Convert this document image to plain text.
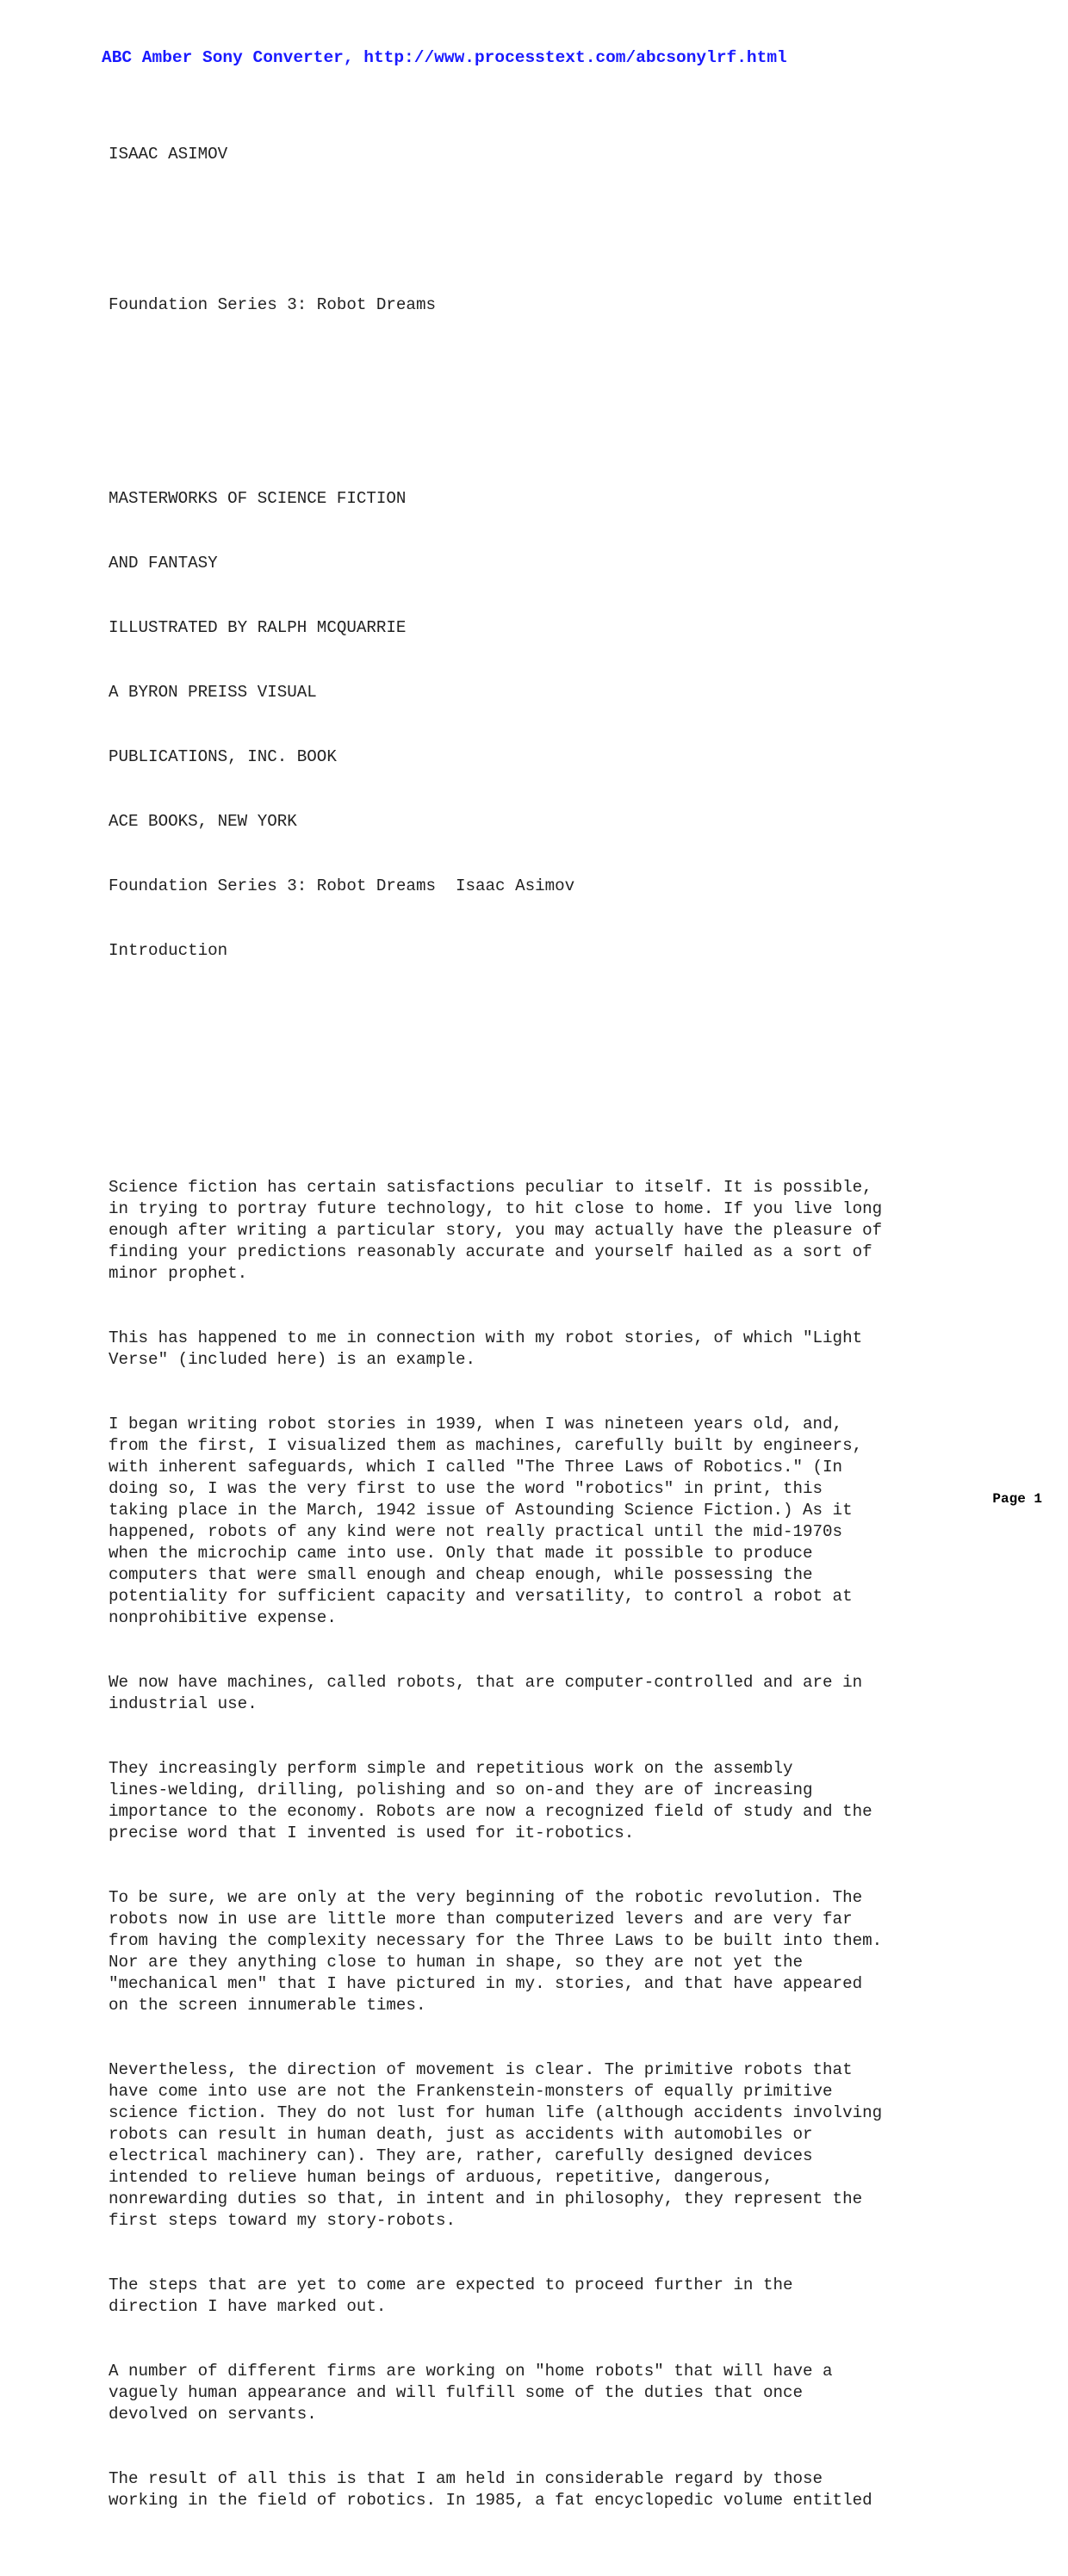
ABC Amber Sony Converter, http://www.processtext.com/abcsonylrf.html

ISAAC ASIMOV

Foundation Series 3: Robot Dreams

MASTERWORKS OF SCIENCE FICTION

AND FANTASY

ILLUSTRATED BY RALPH MCQUARRIE

A BYRON PREISS VISUAL

PUBLICATIONS, INC. BOOK

ACE BOOKS, NEW YORK

Foundation Series 3: Robot Dreams  Isaac Asimov

Introduction

Science fiction has certain satisfactions peculiar to itself. It is possible,
in trying to portray future technology, to hit close to home. If you live long
enough after writing a particular story, you may actually have the pleasure of
finding your predictions reasonably accurate and yourself hailed as a sort of
minor prophet.

This has happened to me in connection with my robot stories, of which "Light
Verse" (included here) is an example.

I began writing robot stories in 1939, when I was nineteen years old, and,
from the first, I visualized them as machines, carefully built by engineers,
with inherent safeguards, which I called "The Three Laws of Robotics." (In
doing so, I was the very first to use the word "robotics" in print, this
taking place in the March, 1942 issue of Astounding Science Fiction.) As it
happened, robots of any kind were not really practical until the mid-1970s
when the microchip came into use. Only that made it possible to produce
computers that were small enough and cheap enough, while possessing the
potentiality for sufficient capacity and versatility, to control a robot at
nonprohibitive expense.

We now have machines, called robots, that are computer-controlled and are in
industrial use.

They increasingly perform simple and repetitious work on the assembly
lines-welding, drilling, polishing and so on-and they are of increasing
importance to the economy. Robots are now a recognized field of study and the
precise word that I invented is used for it-robotics.

To be sure, we are only at the very beginning of the robotic revolution. The
robots now in use are little more than computerized levers and are very far
from having the complexity necessary for the Three Laws to be built into them.
Nor are they anything close to human in shape, so they are not yet the
"mechanical men" that I have pictured in my. stories, and that have appeared
on the screen innumerable times.

Nevertheless, the direction of movement is clear. The primitive robots that
have come into use are not the Frankenstein-monsters of equally primitive
science fiction. They do not lust for human life (although accidents involving
robots can result in human death, just as accidents with automobiles or
electrical machinery can). They are, rather, carefully designed devices
intended to relieve human beings of arduous, repetitive, dangerous,
nonrewarding duties so that, in intent and in philosophy, they represent the
first steps toward my story-robots.

The steps that are yet to come are expected to proceed further in the
direction I have marked out.

A number of different firms are working on "home robots" that will have a
vaguely human appearance and will fulfill some of the duties that once
devolved on servants.

The result of all this is that I am held in considerable regard by those
working in the field of robotics. In 1985, a fat encyclopedic volume entitled

Page 1
